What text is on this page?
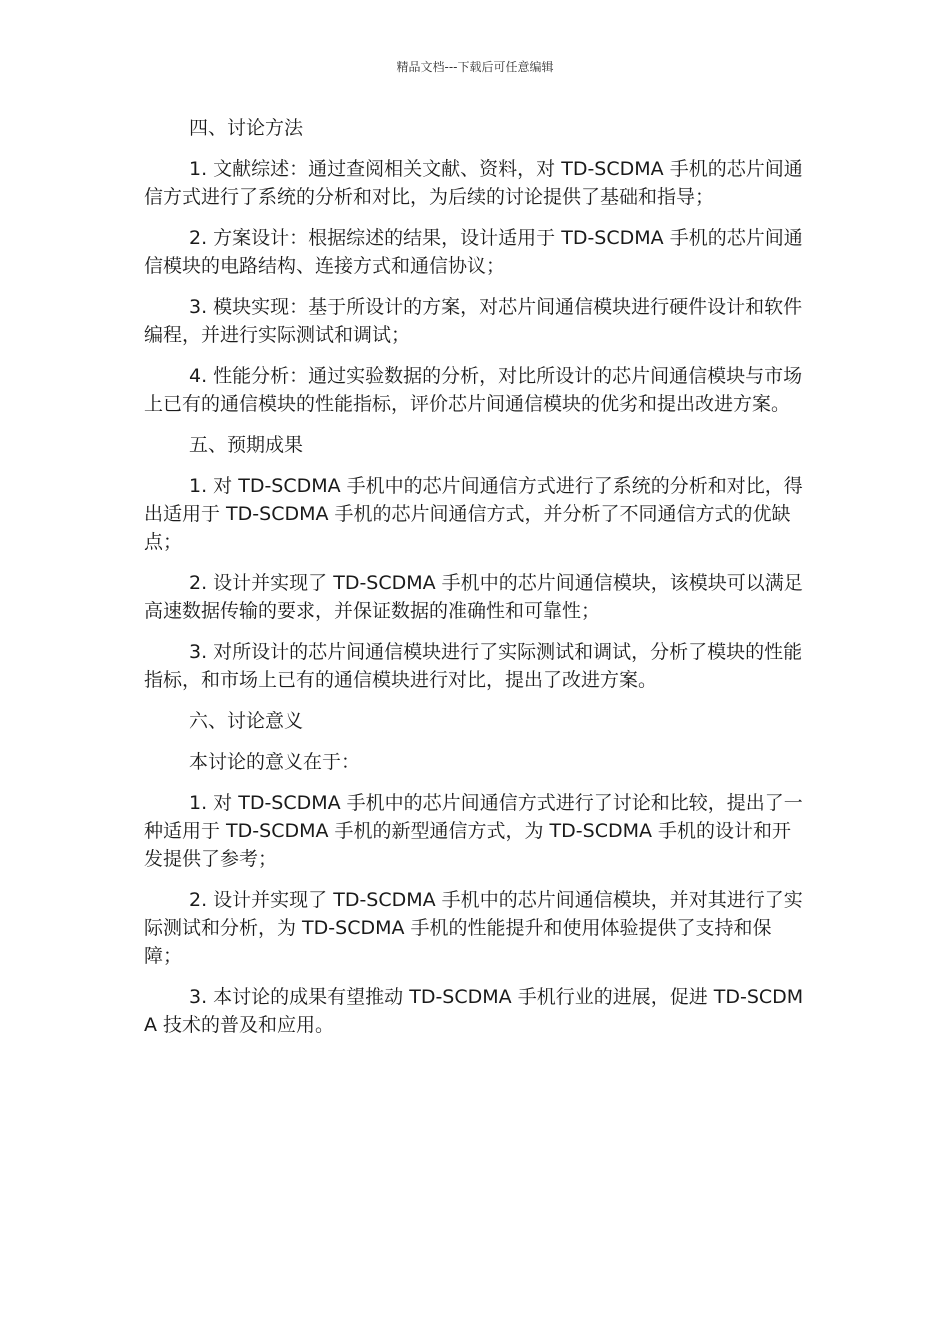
精品文档---下载后可任意编辑

四、讨论方法

1. 文献综述：通过查阅相关文献、资料，对 TD-SCDMA 手机的芯片间通信方式进行了系统的分析和对比，为后续的讨论提供了基础和指导；

2. 方案设计：根据综述的结果，设计适用于 TD-SCDMA 手机的芯片间通信模块的电路结构、连接方式和通信协议；

3. 模块实现：基于所设计的方案，对芯片间通信模块进行硬件设计和软件编程，并进行实际测试和调试；

4. 性能分析：通过实验数据的分析，对比所设计的芯片间通信模块与市场上已有的通信模块的性能指标，评价芯片间通信模块的优劣和提出改进方案。

五、预期成果

1. 对 TD-SCDMA 手机中的芯片间通信方式进行了系统的分析和对比，得出适用于 TD-SCDMA 手机的芯片间通信方式，并分析了不同通信方式的优缺点；

2. 设计并实现了 TD-SCDMA 手机中的芯片间通信模块，该模块可以满足高速数据传输的要求，并保证数据的准确性和可靠性；

3. 对所设计的芯片间通信模块进行了实际测试和调试，分析了模块的性能指标，和市场上已有的通信模块进行对比，提出了改进方案。

六、讨论意义

本讨论的意义在于：

1. 对 TD-SCDMA 手机中的芯片间通信方式进行了讨论和比较，提出了一种适用于 TD-SCDMA 手机的新型通信方式，为 TD-SCDMA 手机的设计和开发提供了参考；

2. 设计并实现了 TD-SCDMA 手机中的芯片间通信模块，并对其进行了实际测试和分析，为 TD-SCDMA 手机的性能提升和使用体验提供了支持和保障；

3. 本讨论的成果有望推动 TD-SCDMA 手机行业的进展，促进 TD-SCDMA 技术的普及和应用。
